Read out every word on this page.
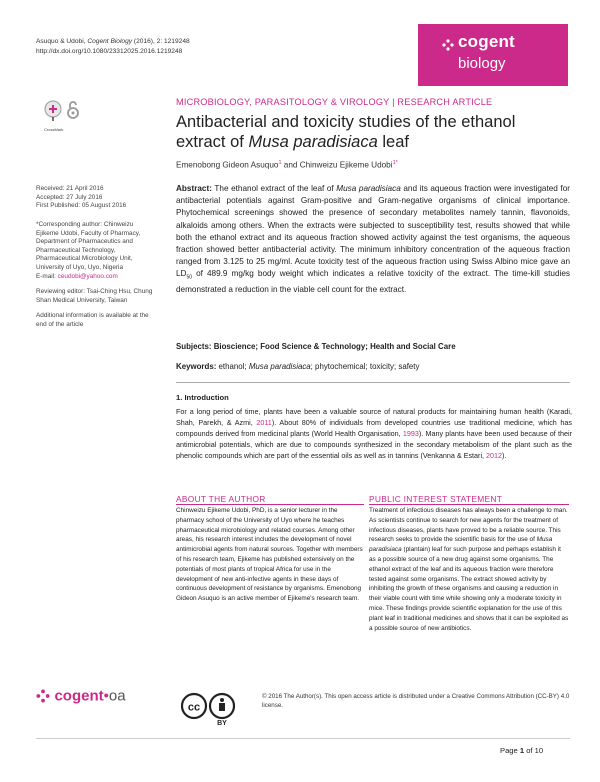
Asuquo & Udobi, Cogent Biology (2016), 2: 1219248
http://dx.doi.org/10.1080/23312025.2016.1219248
cogent
biology
CrossMark
MICROBIOLOGY, PARASITOLOGY & VIROLOGY | RESEARCH ARTICLE
Antibacterial and toxicity studies of the ethanol
extract of Musa paradisiaca leaf
Emenobong Gideon Asuquo$^1$ and Chinweizu Ejikeme Udobi$^{1*}$
Received: 21 April 2016
Accepted: 27 July 2016
First Published: 05 August 2016
*Corresponding author: Chinweizu Ejikeme Udobi, Faculty of Pharmacy, Department of Pharmaceutics and Pharmaceutical Technology, Pharmaceutical Microbiology Unit, University of Uyo, Uyo, Nigeria
E-mail: ceudobi@yahoo.com
Reviewing editor: Tsai-Ching Hsu, Chung Shan Medical University, Taiwan
Additional information is available at the end of the article
Abstract: The ethanol extract of the leaf of Musa paradisiaca and its aqueous fraction were investigated for antibacterial potentials against Gram-positive and Gram-negative organisms of clinical importance. Phytochemical screenings showed the presence of secondary metabolites namely tannin, flavonoids, alkaloids among others. When the extracts were subjected to susceptibility test, results showed that while both the ethanol extract and its aqueous fraction showed activity against the test organisms, the aqueous fraction showed better antibacterial activity. The minimum inhibitory concentration of the aqueous fraction ranged from 3.125 to 25 mg/ml. Acute toxicity test of the aqueous fraction using Swiss Albino mice gave an $LD_{50}$ of 489.9 mg/kg body weight which indicates a relative toxicity of the extract. The time-kill studies demonstrated a reduction in the viable cell count for the extract.
Subjects: Bioscience; Food Science & Technology; Health and Social Care
Keywords: ethanol; Musa paradisiaca; phytochemical; toxicity; safety
1. Introduction
For a long period of time, plants have been a valuable source of natural products for maintaining human health (Karadi, Shah, Parekh, & Azmi, 2011). About 80% of individuals from developed countries use traditional medicine, which has compounds derived from medicinal plants (World Health Organisation, 1993). Many plants have been used because of their antimicrobial potentials, which are due to compounds synthesized in the secondary metabolism of the plant such as the phenolic compounds which are part of the essential oils as well as in tannins (Venkanna & Estari, 2012).
ABOUT THE AUTHOR
Chinweizu Ejikeme Udobi, PhD, is a senior lecturer in the pharmacy school of the University of Uyo where he teaches pharmaceutical microbiology and related courses. Among other areas, his research interest includes the development of novel antimicrobial agents from natural sources. Together with members of his research team, Ejikeme has published extensively on the potentials of most plants of tropical Africa for use in the development of new anti-infective agents in these days of continuous development of resistance by organisms. Emenobong Gideon Asuquo is an active member of Ejikeme's research team.
PUBLIC INTEREST STATEMENT
Treatment of infectious diseases has always been a challenge to man. As scientists continue to search for new agents for the treatment of infectious diseases, plants have proved to be a reliable source. This research seeks to provide the scientific basis for the use of Musa paradisiaca (plantain) leaf for such purpose and perhaps establish it as a possible source of a new drug against some organisms. The ethanol extract of the leaf and its aqueous fraction were therefore tested against some organisms. The extract showed activity by inhibiting the growth of these organisms and causing a reduction in their viable count with time while showing only a moderate toxicity in mice. These findings provide scientific explanation for the use of this plant leaf in traditional medicines and shows that it can be exploited as a possible source of new antibiotics.
cogent•oa
cc
BY
© 2016 The Author(s). This open access article is distributed under a Creative Commons Attribution (CC-BY) 4.0 license.
Page 1 of 10
